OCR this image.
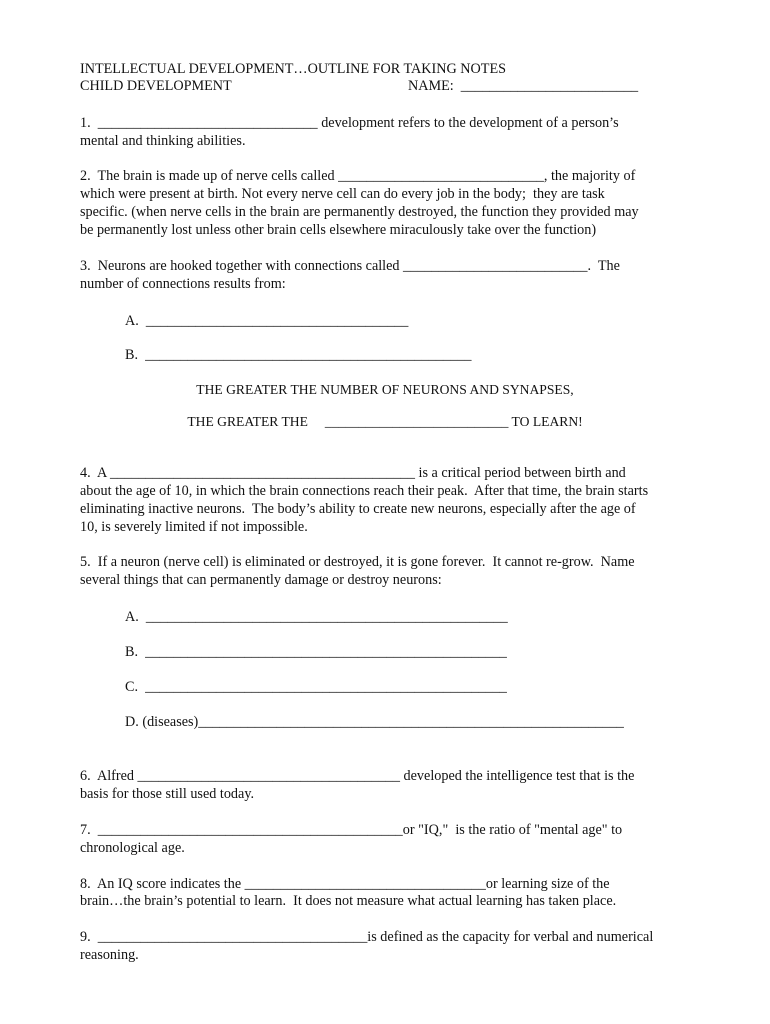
INTELLECTUAL DEVELOPMENT…OUTLINE FOR TAKING NOTES
CHILD DEVELOPMENT	NAME:  _________________________
1.  _______________________________ development refers to the development of a person’s
mental and thinking abilities.
2.  The brain is made up of nerve cells called _____________________________, the majority of
which were present at birth. Not every nerve cell can do every job in the body;  they are task
specific. (when nerve cells in the brain are permanently destroyed, the function they provided may
be permanently lost unless other brain cells elsewhere miraculously take over the function)
3.  Neurons are hooked together with connections called __________________________.  The
number of connections results from:
A.  _____________________________________
B.  ______________________________________________
THE GREATER THE NUMBER OF NEURONS AND SYNAPSES,
THE GREATER THE     ___________________________ TO LEARN!
4.  A ___________________________________________ is a critical period between birth and
about the age of 10, in which the brain connections reach their peak.  After that time, the brain starts
eliminating inactive neurons.  The body’s ability to create new neurons, especially after the age of
10, is severely limited if not impossible.
5.  If a neuron (nerve cell) is eliminated or destroyed, it is gone forever.  It cannot re-grow.  Name
several things that can permanently damage or destroy neurons:
A.  ___________________________________________________
B.  ___________________________________________________
C.  ___________________________________________________
D. (diseases)____________________________________________________________
6.  Alfred _____________________________________ developed the intelligence test that is the
basis for those still used today.
7.  ___________________________________________or "IQ,"  is the ratio of "mental age" to
chronological age.
8.  An IQ score indicates the __________________________________or learning size of the
brain…the brain’s potential to learn.  It does not measure what actual learning has taken place.
9.  ______________________________________is defined as the capacity for verbal and numerical
reasoning.
